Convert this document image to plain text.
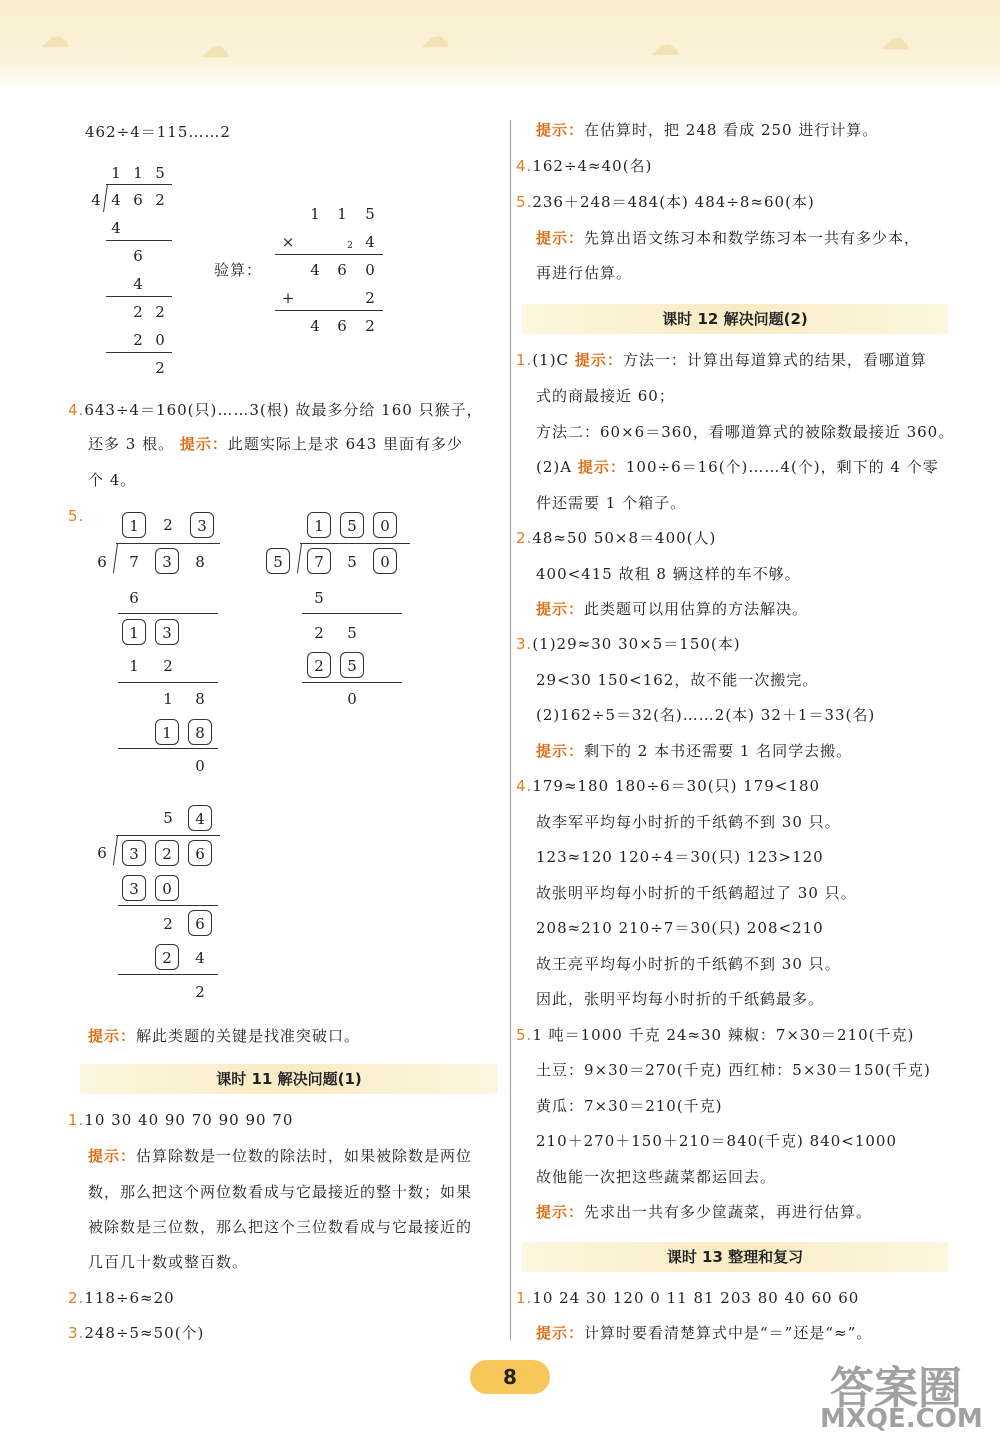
☁	☁	☁	☁	☁
462÷4＝115……2
1 1 5
4 4 6 2
4
6
4
2 2
2 0
2
验算：
1	1	5
×	2 4
4	6	0
+	2
4	6	2
4.643÷4＝160(只)……3(根) 故最多分给 160 只猴子，
还多 3 根。 提示：此题实际上是求 643 里面有多少
个 4。
5.
1	2	3
6	7	3	8
6
1	3
1	2
1	8
1	8
0
1	5	0
5	7	5	0
5
2	5
2	5
0
5	4
6	3	2	6
3	0
2	6
2	4
2
提示：解此类题的关键是找准突破口。
课时 11 解决问题(1)
1.10 30 40 90 70 90 90 70
提示：估算除数是一位数的除法时，如果被除数是两位
数，那么把这个两位数看成与它最接近的整十数；如果
被除数是三位数，那么把这个三位数看成与它最接近的
几百几十数或整百数。
2.118÷6≈20
3.248÷5≈50(个)
提示：在估算时，把 248 看成 250 进行计算。
4.162÷4≈40(名)
5.236＋248＝484(本) 484÷8≈60(本)
提示：先算出语文练习本和数学练习本一共有多少本，
再进行估算。
课时 12 解决问题(2)
1.(1)C 提示：方法一：计算出每道算式的结果，看哪道算
式的商最接近 60；
方法二：60×6＝360，看哪道算式的被除数最接近 360。
(2)A 提示：100÷6＝16(个)……4(个)，剩下的 4 个零
件还需要 1 个箱子。
2.48≈50 50×8＝400(人)
400<415 故租 8 辆这样的车不够。
提示：此类题可以用估算的方法解决。
3.(1)29≈30 30×5＝150(本)
29<30 150<162，故不能一次搬完。
(2)162÷5＝32(名)……2(本) 32＋1＝33(名)
提示：剩下的 2 本书还需要 1 名同学去搬。
4.179≈180 180÷6＝30(只) 179<180
故李军平均每小时折的千纸鹤不到 30 只。
123≈120 120÷4＝30(只) 123>120
故张明平均每小时折的千纸鹤超过了 30 只。
208≈210 210÷7＝30(只) 208<210
故王亮平均每小时折的千纸鹤不到 30 只。
因此，张明平均每小时折的千纸鹤最多。
5.1 吨＝1000 千克 24≈30 辣椒：7×30＝210(千克)
土豆：9×30＝270(千克) 西红柿：5×30＝150(千克)
黄瓜：7×30＝210(千克)
210＋270＋150＋210＝840(千克) 840<1000
故他能一次把这些蔬菜都运回去。
提示：先求出一共有多少筐蔬菜，再进行估算。
课时 13 整理和复习
1.10 24 30 120 0 11 81 203 80 40 60 60
提示：计算时要看清楚算式中是“＝”还是“≈”。
8	答案圈
MXQE.COM
